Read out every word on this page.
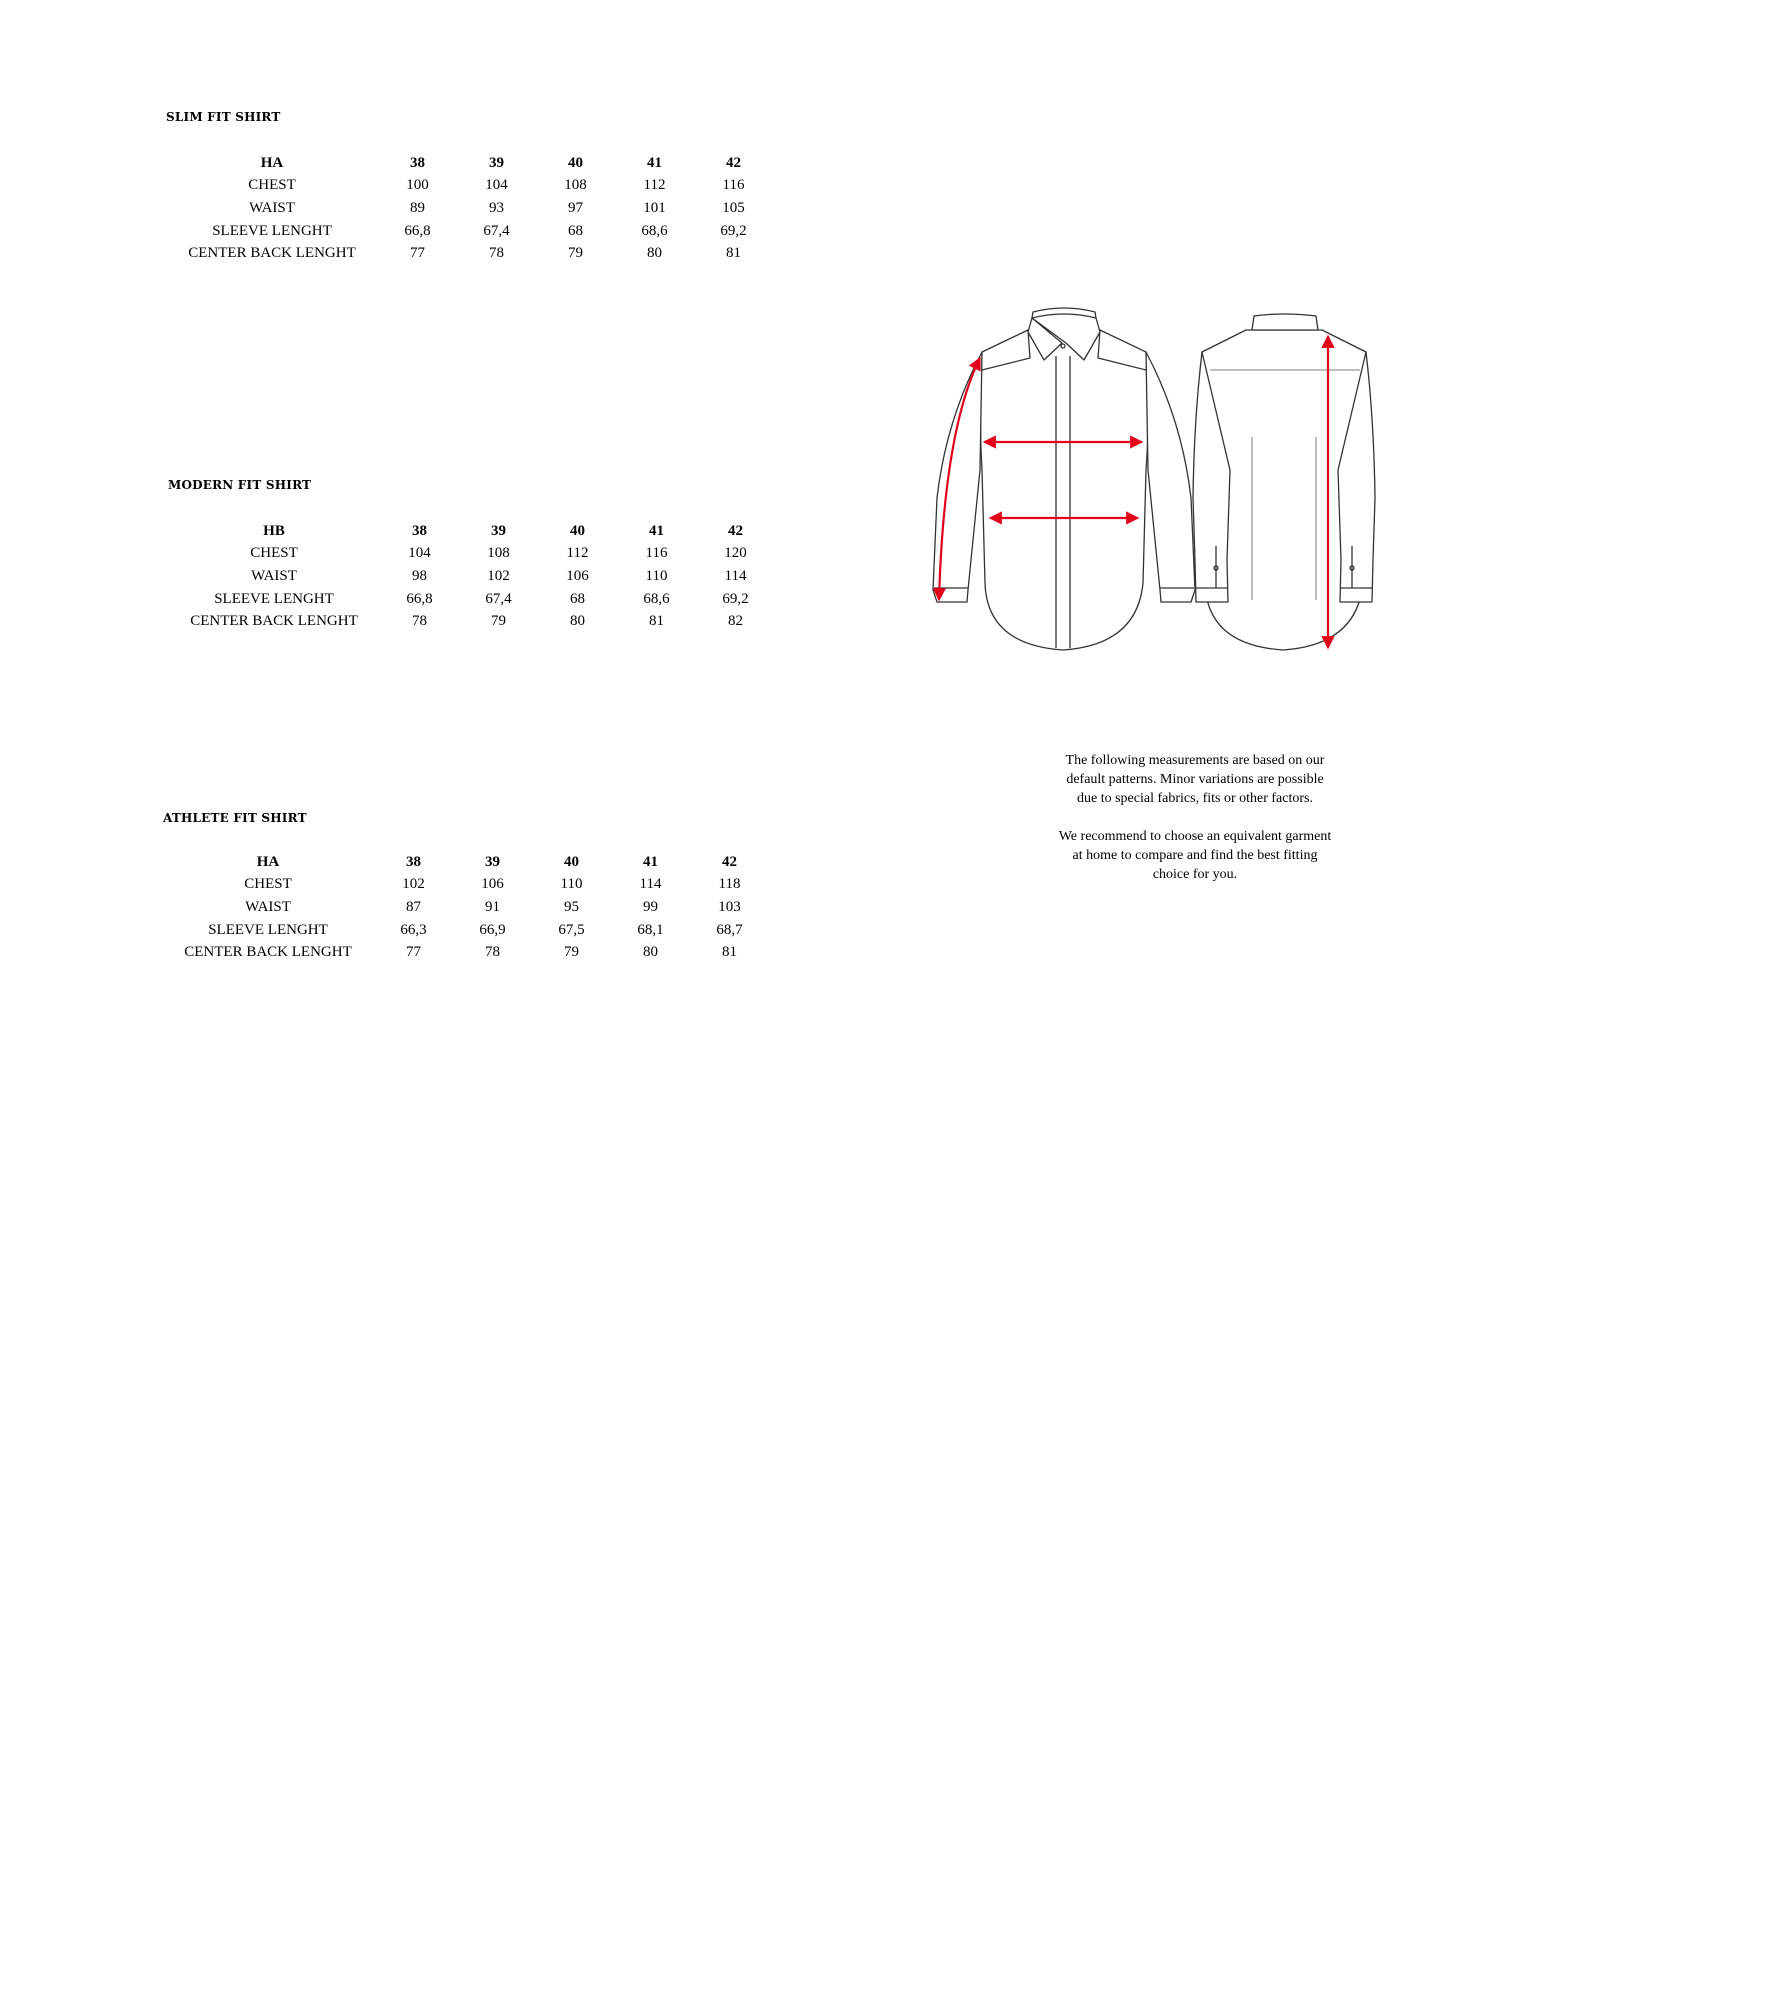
SLIM FIT SHIRT

HA	38	39	40	41	42
CHEST	100	104	108	112	116
WAIST	89	93	97	101	105
SLEEVE LENGHT	66,8	67,4	68	68,6	69,2
CENTER BACK LENGHT	77	78	79	80	81

MODERN FIT SHIRT

HB	38	39	40	41	42
CHEST	104	108	112	116	120
WAIST	98	102	106	110	114
SLEEVE LENGHT	66,8	67,4	68	68,6	69,2
CENTER BACK LENGHT	78	79	80	81	82

ATHLETE FIT SHIRT

HA	38	39	40	41	42
CHEST	102	106	110	114	118
WAIST	87	91	95	99	103
SLEEVE LENGHT	66,3	66,9	67,5	68,1	68,7
CENTER BACK LENGHT	77	78	79	80	81

The following measurements are based on our
default patterns. Minor variations are possible
due to special fabrics, fits or other factors.

We recommend to choose an equivalent garment
at home to compare and find the best fitting
choice for you.
